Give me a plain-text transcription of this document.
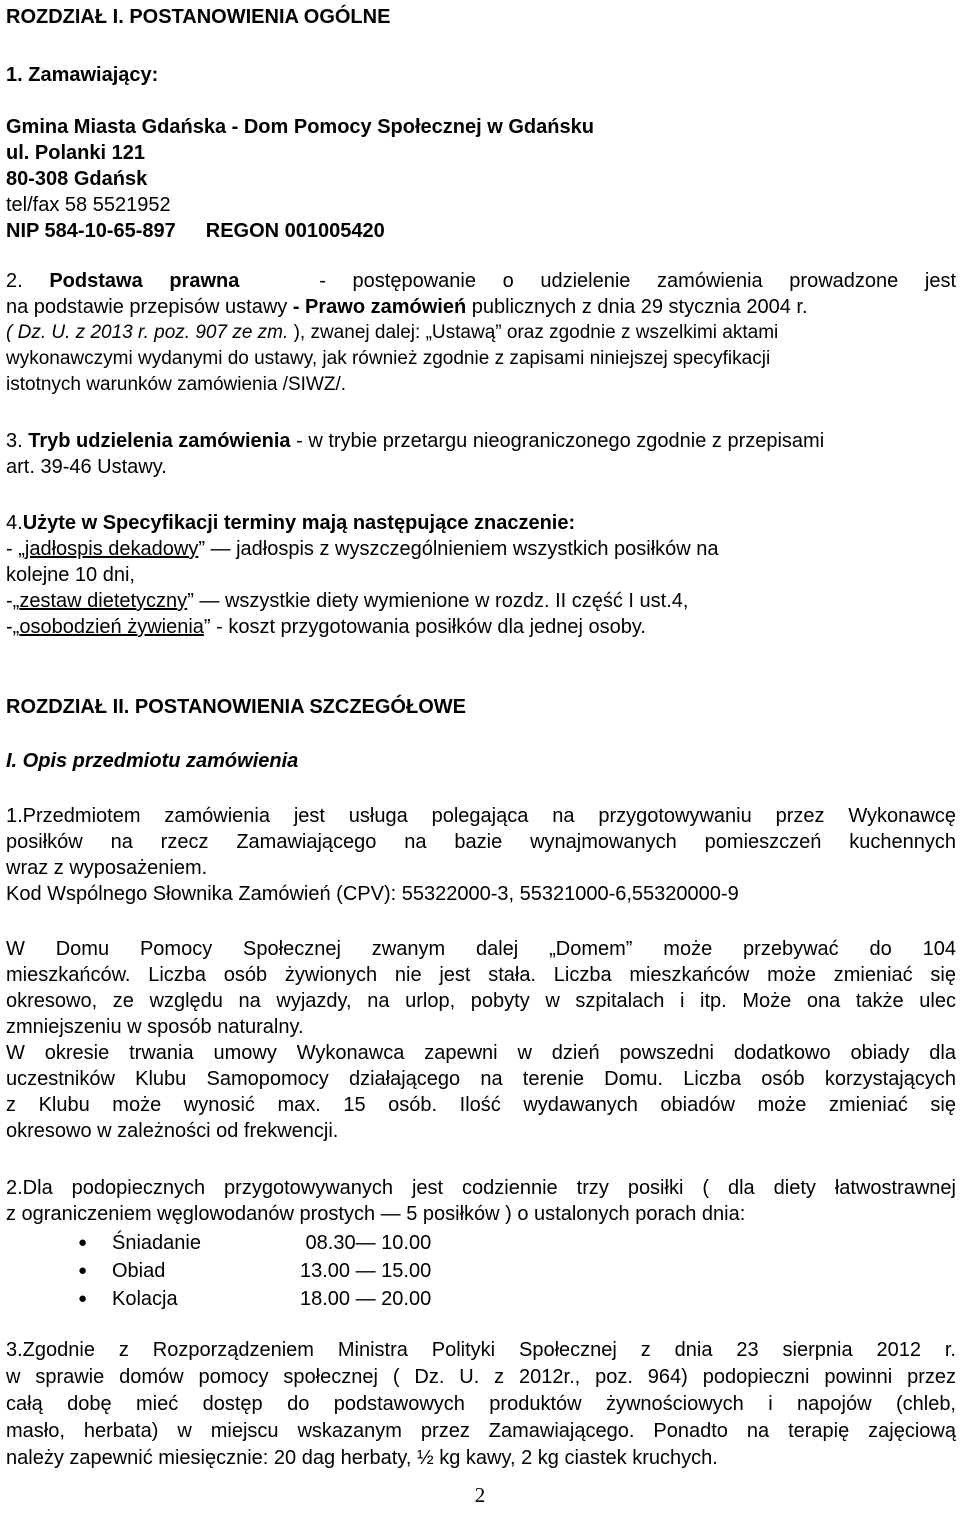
ROZDZIAŁ I. POSTANOWIENIA OGÓLNE
1. Zamawiający:
Gmina Miasta Gdańska - Dom Pomocy Społecznej w Gdańsku
ul. Polanki 121
80-308 Gdańsk
tel/fax 58 5521952
NIP 584-10-65-897 REGON 001005420
2. Podstawa prawna	- postępowanie o udzielenie zamówienia prowadzone jest
na podstawie przepisów ustawy - Prawo zamówień publicznych z dnia 29 stycznia 2004 r.
( Dz. U. z 2013 r. poz. 907 ze zm. ), zwanej dalej: „Ustawą” oraz zgodnie z wszelkimi aktami
wykonawczymi wydanymi do ustawy, jak również zgodnie z zapisami niniejszej specyfikacji
istotnych warunków zamówienia /SIWZ/.
3. Tryb udzielenia zamówienia - w trybie przetargu nieograniczonego zgodnie z przepisami
art. 39-46 Ustawy.
4.Użyte w Specyfikacji terminy mają następujące znaczenie:
- „jadłospis dekadowy” — jadłospis z wyszczególnieniem wszystkich posiłków na
kolejne 10 dni,
-„zestaw dietetyczny” — wszystkie diety wymienione w rozdz. II część I ust.4,
-„osobodzień żywienia” - koszt przygotowania posiłków dla jednej osoby.
ROZDZIAŁ II. POSTANOWIENIA SZCZEGÓŁOWE
I. Opis przedmiotu zamówienia
1.Przedmiotem zamówienia jest usługa polegająca na przygotowywaniu przez Wykonawcę
posiłków na rzecz Zamawiającego na bazie wynajmowanych pomieszczeń kuchennych
wraz z wyposażeniem.
Kod Wspólnego Słownika Zamówień (CPV): 55322000-3, 55321000-6,55320000-9
W Domu Pomocy Społecznej zwanym dalej „Domem” może przebywać do 104
mieszkańców. Liczba osób żywionych nie jest stała. Liczba mieszkańców może zmieniać się
okresowo, ze względu na wyjazdy, na urlop, pobyty w szpitalach i itp. Może ona także ulec
zmniejszeniu w sposób naturalny.
W okresie trwania umowy Wykonawca zapewni w dzień powszedni dodatkowo obiady dla
uczestników Klubu Samopomocy działającego na terenie Domu. Liczba osób korzystających
z Klubu może wynosić max. 15 osób. Ilość wydawanych obiadów może zmieniać się
okresowo w zależności od frekwencji.
2.Dla podopiecznych przygotowywanych jest codziennie trzy posiłki ( dla diety łatwostrawnej
z ograniczeniem węglowodanów prostych — 5 posiłków ) o ustalonych porach dnia:
● Śniadanie	08.30— 10.00
● Obiad	13.00 — 15.00
● Kolacja	18.00 — 20.00
3.Zgodnie z Rozporządzeniem Ministra Polityki Społecznej z dnia 23 sierpnia 2012 r.
w sprawie domów pomocy społecznej ( Dz. U. z 2012r., poz. 964) podopieczni powinni przez
całą dobę mieć dostęp do podstawowych produktów żywnościowych i napojów (chleb,
masło, herbata) w miejscu wskazanym przez Zamawiającego. Ponadto na terapię zajęciową
należy zapewnić miesięcznie: 20 dag herbaty, ½ kg kawy, 2 kg ciastek kruchych.
2
